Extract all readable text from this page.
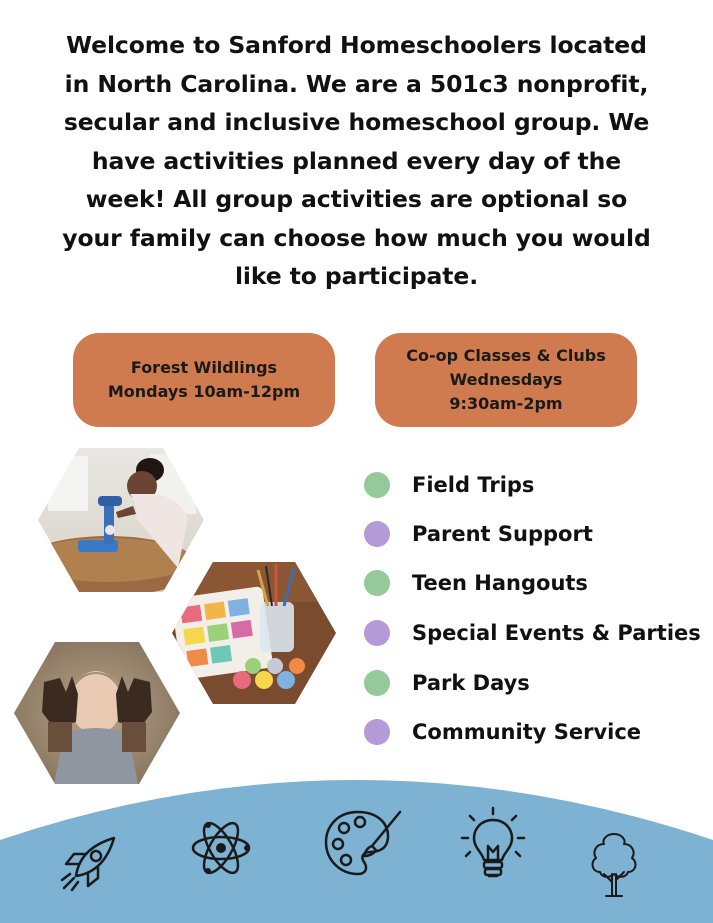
Welcome to Sanford Homeschoolers located
in North Carolina. We are a 501c3 nonprofit,
secular and inclusive homeschool group. We
have activities planned every day of the
week! All group activities are optional so
your family can choose how much you would
like to participate.

Forest Wildlings
Mondays 10am-12pm
Co-op Classes & Clubs
Wednesdays
9:30am-2pm
Field Trips
Parent Support
Teen Hangouts
Special Events & Parties
Park Days
Community Service
